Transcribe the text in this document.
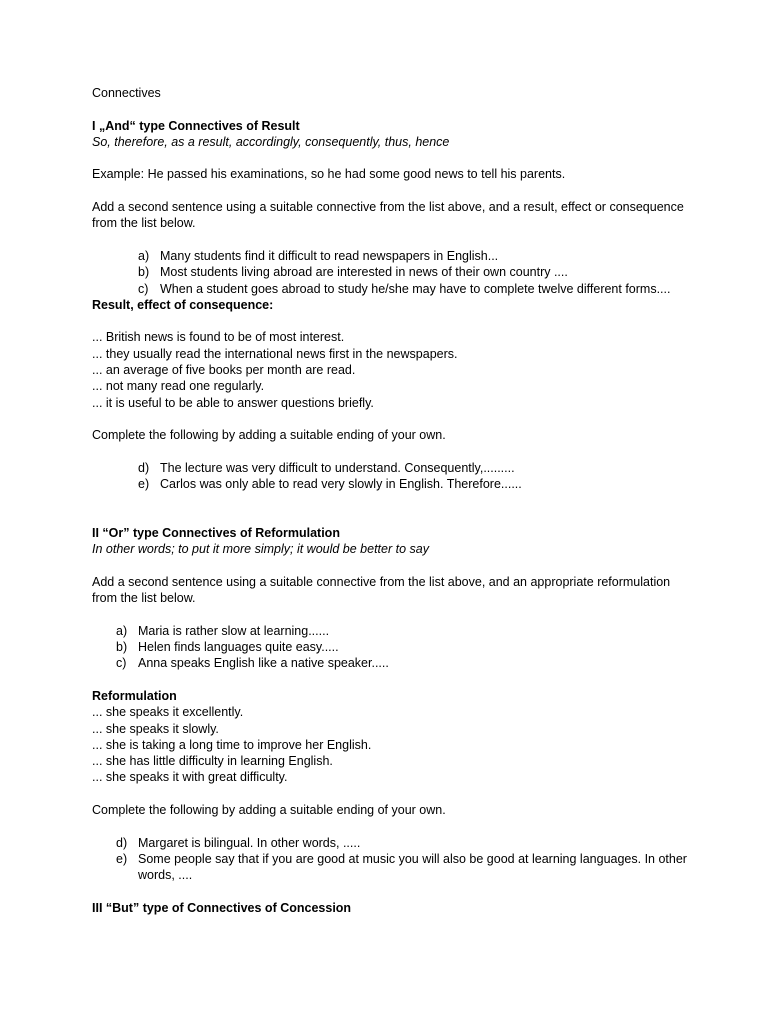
Connectives

I „And“ type Connectives of Result

So, therefore, as a result, accordingly, consequently, thus, hence

Example: He passed his examinations, so he had some good news to tell his parents.

Add a second sentence using a suitable connective from the list above, and a result, effect or consequence from the list below.

a) Many students find it difficult to read newspapers in English...
b) Most students living abroad are interested in news of their own country ....
c) When a student goes abroad to study he/she may have to complete twelve different forms....

Result, effect of consequence:

... British news is found to be of most interest.

... they usually read the international news first in the newspapers.

... an average of five books per month are read.

... not many read one regularly.

... it is useful to be able to answer questions briefly.

Complete the following by adding a suitable ending of your own.

d) The lecture was very difficult to understand. Consequently,.........
e) Carlos was only able to read very slowly in English. Therefore......

II “Or” type Connectives of Reformulation

In other words; to put it more simply; it would be better to say

Add a second sentence using a suitable connective from the list above, and an appropriate reformulation from the list below.

a) Maria is rather slow at learning......
b) Helen finds languages quite easy.....
c) Anna speaks English like a native speaker.....

Reformulation

... she speaks it excellently.

... she speaks it slowly.

... she is taking a long time to improve her English.

... she has little difficulty in learning English.

... she speaks it with great difficulty.

Complete the following by adding a suitable ending of your own.

d) Margaret is bilingual. In other words, .....
e) Some people say that if you are good at music you will also be good at learning languages. In other words, ....

III “But” type of Connectives of Concession
